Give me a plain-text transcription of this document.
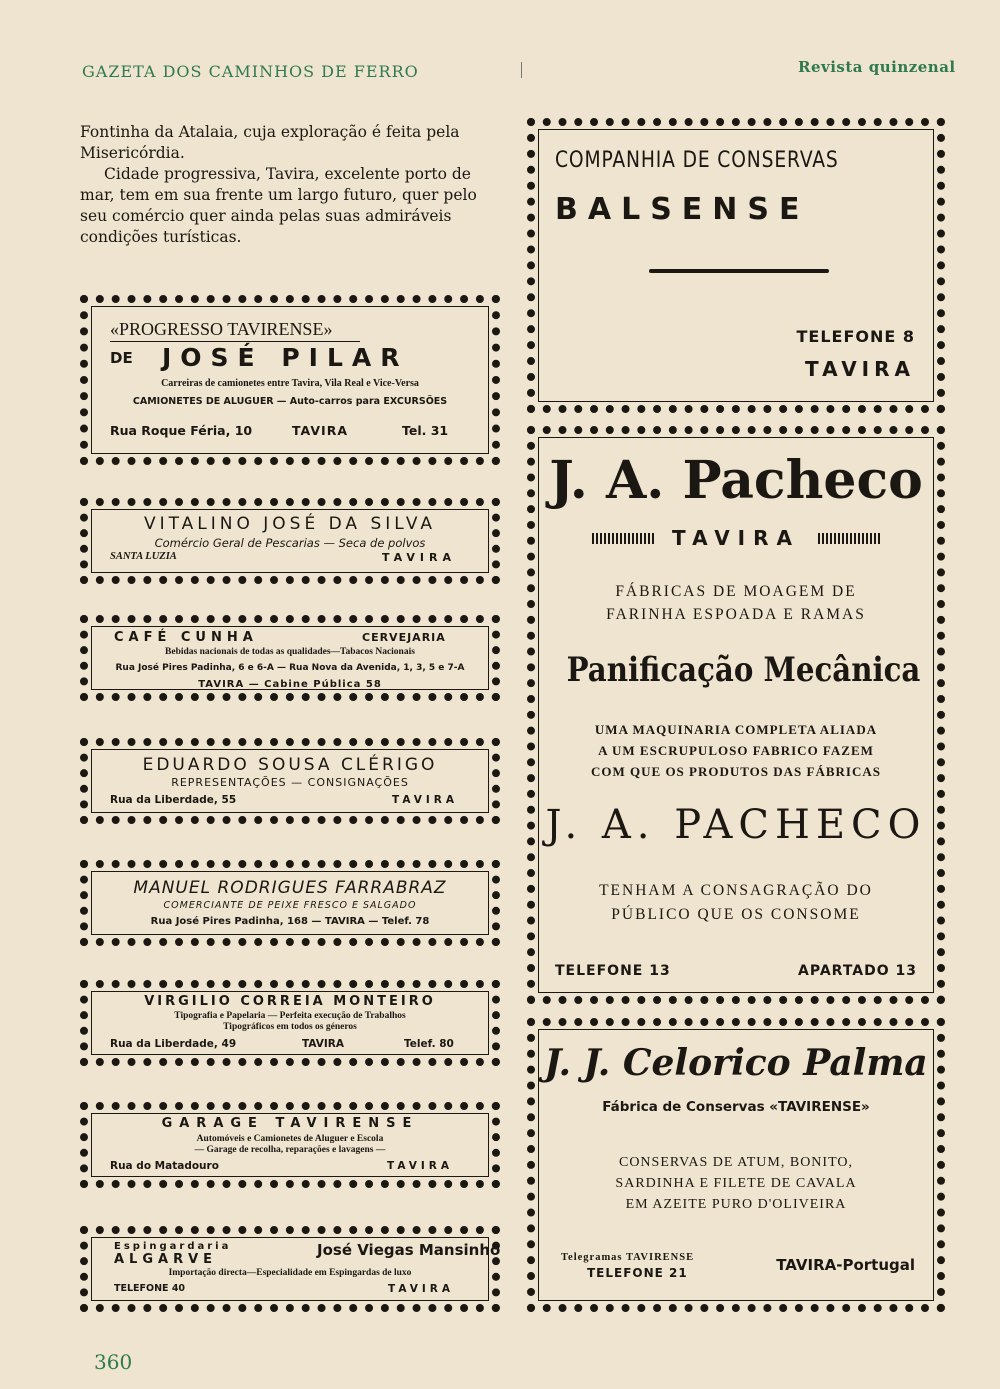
GAZETA DOS CAMINHOS DE FERRO	Revista quinzenal

Fontinha da Atalaia, cuja exploração é feita pela Misericórdia.

Cidade progressiva, Tavira, excelente porto de mar, tem em sua frente um largo futuro, quer pelo seu comércio quer ainda pelas suas admiráveis condições turísticas.

«PROGRESSO TAVIRENSE»
DE JOSÉ PILAR
Carreiras de camionetes entre Tavira, Vila Real e Vice-Versa
CAMIONETES DE ALUGUER — Auto-carros para EXCURSÕES
Rua Roque Féria, 10	TAVIRA	Tel. 31
VITALINO JOSÉ DA SILVA
Comércio Geral de Pescarias — Seca de polvos
SANTA LUZIA	TAVIRA
CAFÉ CUNHA	CERVEJARIA
Bebidas nacionais de todas as qualidades—Tabacos Nacionais
Rua José Pires Padinha, 6 e 6-A — Rua Nova da Avenida, 1, 3, 5 e 7-A
TAVIRA — Cabine Pública 58
EDUARDO SOUSA CLÉRIGO
REPRESENTAÇÕES — CONSIGNAÇÕES
Rua da Liberdade, 55	TAVIRA
MANUEL RODRIGUES FARRABRAZ
COMERCIANTE DE PEIXE FRESCO E SALGADO
Rua José Pires Padinha, 168 — TAVIRA — Telef. 78
VIRGILIO CORREIA MONTEIRO
Tipografia e Papelaria — Perfeita execução de Trabalhos
Tipográficos em todos os géneros
Rua da Liberdade, 49	TAVIRA	Telef. 80
GARAGE TAVIRENSE
Automóveis e Camionetes de Aluguer e Escola
— Garage de recolha, reparações e lavagens —
Rua do Matadouro	TAVIRA
Espingardaria
ALGARVE
José Viegas Mansinho
Importação directa—Especialidade em Espingardas de luxo
TELEFONE 40	TAVIRA
COMPANHIA DE CONSERVAS
BALSENSE
TELEFONE 8
TAVIRA
J. A. Pacheco
TAVIRA
FÁBRICAS DE MOAGEM DE
FARINHA ESPOADA E RAMAS
Panificação Mecânica
UMA MAQUINARIA COMPLETA ALIADA
A UM ESCRUPULOSO FABRICO FAZEM
COM QUE OS PRODUTOS DAS FÁBRICAS
J. A. PACHECO
TENHAM A CONSAGRAÇÃO DO
PÚBLICO QUE OS CONSOME
TELEFONE 13	APARTADO 13
J. J. Celorico Palma
Fábrica de Conservas «TAVIRENSE»
CONSERVAS DE ATUM, BONITO,
SARDINHA E FILETE DE CAVALA
EM AZEITE PURO D'OLIVEIRA
Telegramas TAVIRENSE
TELEFONE 21	TAVIRA-Portugal
360
